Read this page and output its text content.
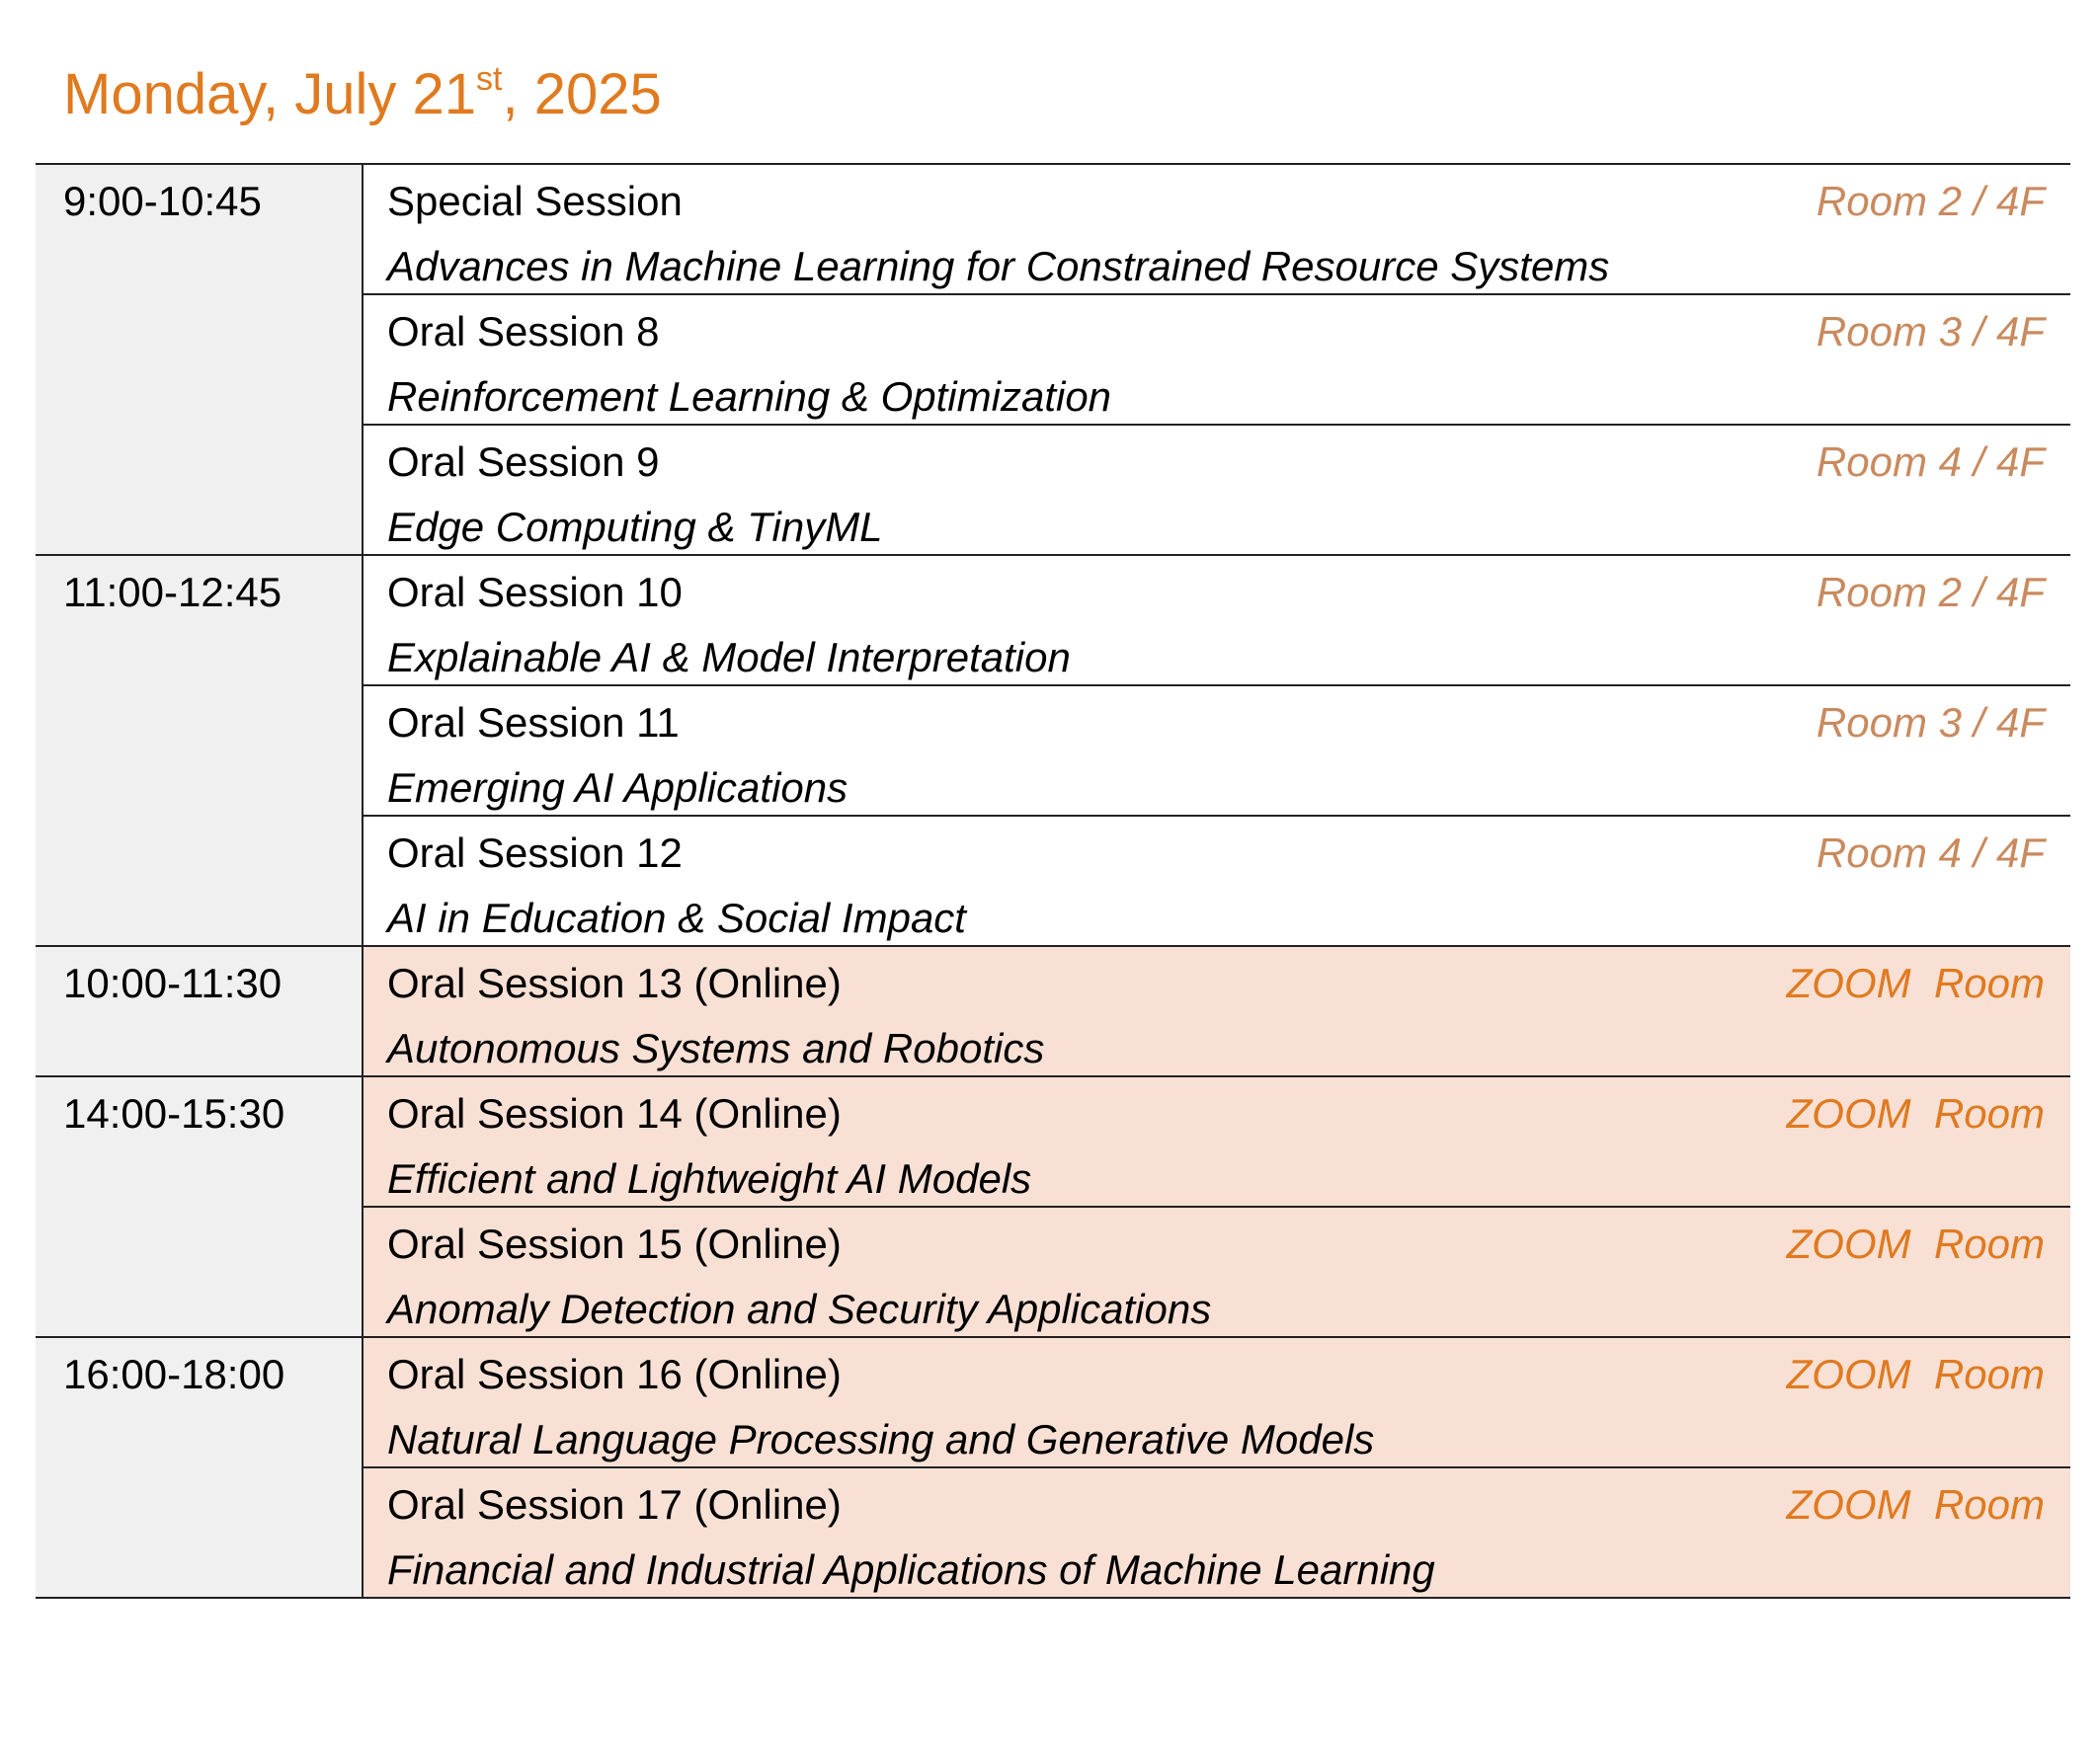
Monday, July 21st, 2025
9:00-10:45	Special Session Room 2 / 4F
Advances in Machine Learning for Constrained Resource Systems

	Oral Session 8 Room 3 / 4F
Reinforcement Learning & Optimization

	Oral Session 9 Room 4 / 4F
Edge Computing & TinyML

11:00-12:45	Oral Session 10 Room 2 / 4F
Explainable AI & Model Interpretation

	Oral Session 11 Room 3 / 4F
Emerging AI Applications

	Oral Session 12 Room 4 / 4F
AI in Education & Social Impact

10:00-11:30	Oral Session 13 (Online) ZOOM  Room
Autonomous Systems and Robotics

14:00-15:30	Oral Session 14 (Online) ZOOM  Room
Efficient and Lightweight AI Models

	Oral Session 15 (Online) ZOOM  Room
Anomaly Detection and Security Applications

16:00-18:00	Oral Session 16 (Online) ZOOM  Room
Natural Language Processing and Generative Models

	Oral Session 17 (Online) ZOOM  Room
Financial and Industrial Applications of Machine Learning
